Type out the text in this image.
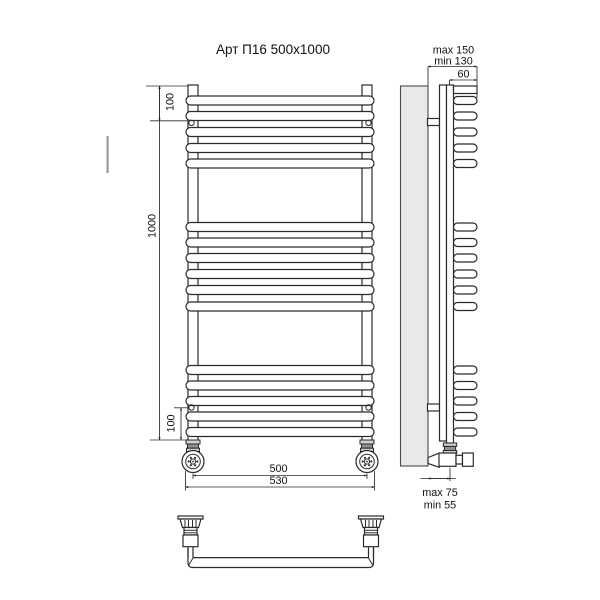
Арт П16 500x1000
1000
100
100
500
530
max 150
min 130
60
max 75
min 55
